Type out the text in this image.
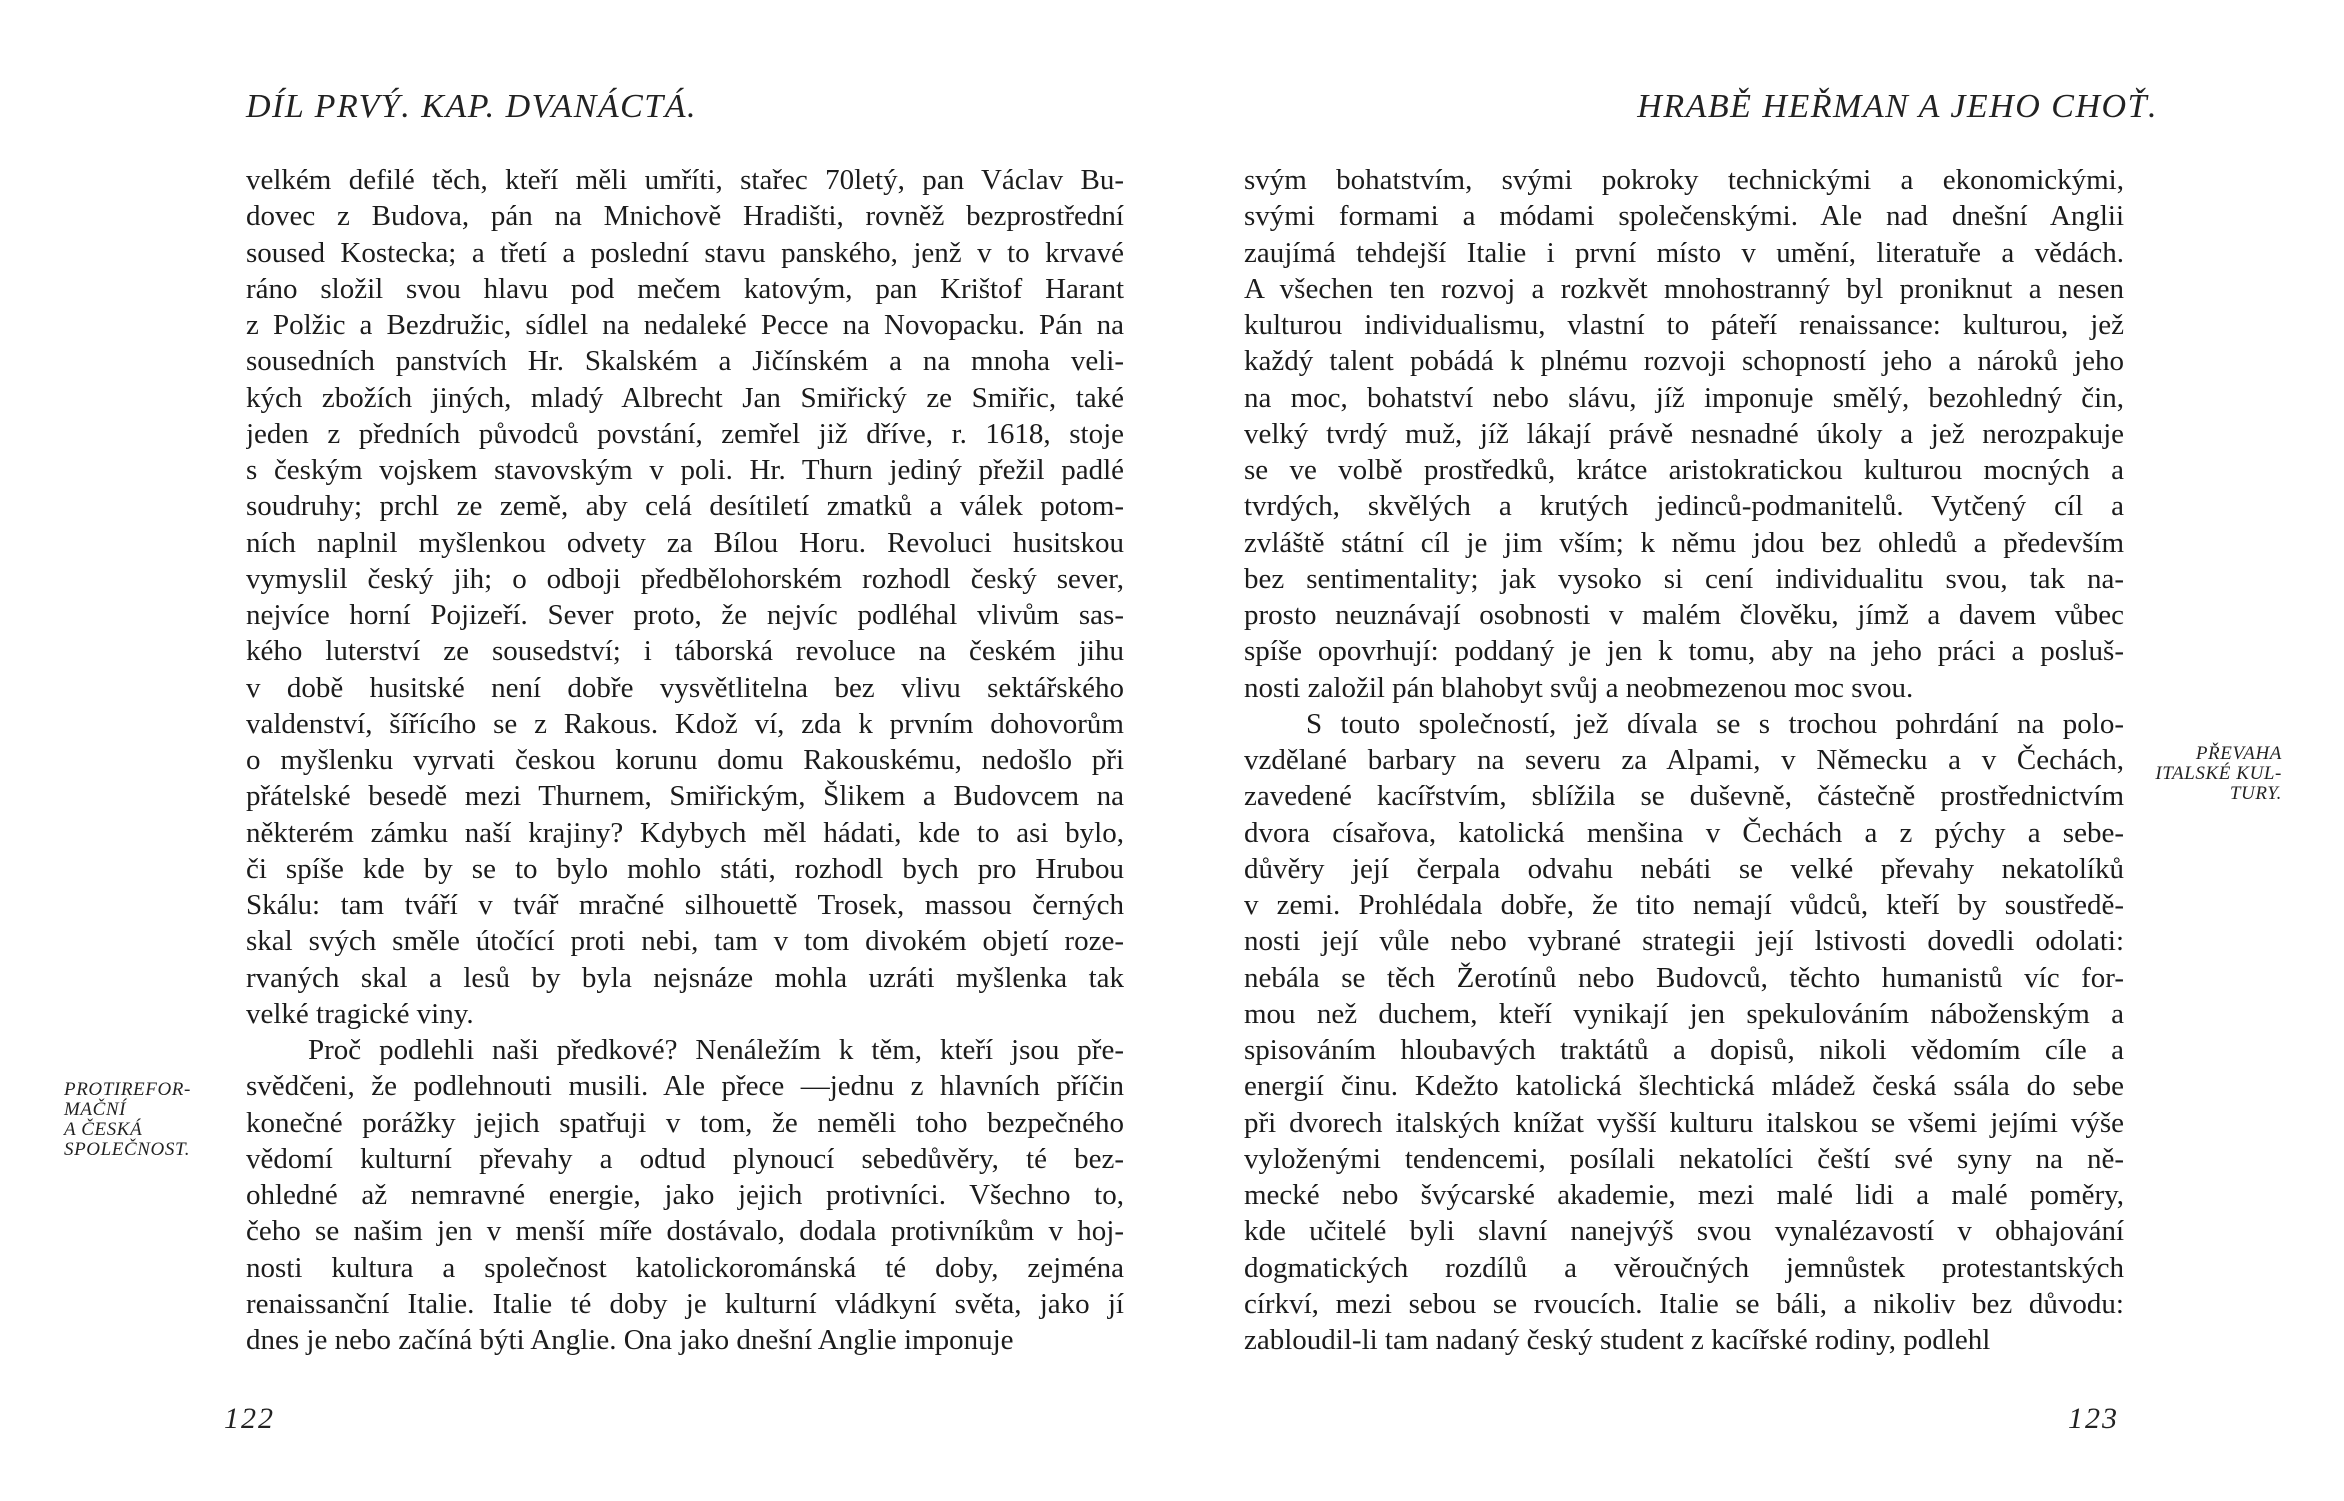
DÍL PRVÝ. KAP. DVANÁCTÁ.
velkém defilé těch, kteří měli umříti, stařec 70letý, pan Václav Bu-
dovec z Budova, pán na Mnichově Hradišti, rovněž bezprostřední
soused Kostecka; a třetí a poslední stavu panského, jenž v to krvavé
ráno složil svou hlavu pod mečem katovým, pan Krištof Harant
z Polžic a Bezdružic, sídlel na nedaleké Pecce na Novopacku. Pán na
sousedních panstvích Hr. Skalském a Jičínském a na mnoha veli-
kých zbožích jiných, mladý Albrecht Jan Smiřický ze Smiřic, také
jeden z předních původců povstání, zemřel již dříve, r. 1618, stoje
s českým vojskem stavovským v poli. Hr. Thurn jediný přežil padlé
soudruhy; prchl ze země, aby celá desítiletí zmatků a válek potom-
ních naplnil myšlenkou odvety za Bílou Horu. Revoluci husitskou
vymyslil český jih; o odboji předbělohorském rozhodl český sever,
nejvíce horní Pojizeří. Sever proto, že nejvíc podléhal vlivům sas-
kého luterství ze sousedství; i táborská revoluce na českém jihu
v době husitské není dobře vysvětlitelna bez vlivu sektářského
valdenství, šířícího se z Rakous. Kdož ví, zda k prvním dohovorům
o myšlenku vyrvati českou korunu domu Rakouskému, nedošlo při
přátelské besedě mezi Thurnem, Smiřickým, Šlikem a Budovcem na
některém zámku naší krajiny? Kdybych měl hádati, kde to asi bylo,
či spíše kde by se to bylo mohlo státi, rozhodl bych pro Hrubou
Skálu: tam tváří v tvář mračné silhouettě Trosek, massou černých
skal svých směle útočící proti nebi, tam v tom divokém objetí roze-
rvaných skal a lesů by byla nejsnáze mohla uzráti myšlenka tak
velké tragické viny.
Proč podlehli naši předkové? Nenáležím k těm, kteří jsou pře-
svědčeni, že podlehnouti musili. Ale přece —jednu z hlavních příčin
konečné porážky jejich spatřuji v tom, že neměli toho bezpečného
vědomí kulturní převahy a odtud plynoucí sebedůvěry, té bez-
ohledné až nemravné energie, jako jejich protivníci. Všechno to,
čeho se našim jen v menší míře dostávalo, dodala protivníkům v hoj-
nosti kultura a společnost katolickorománská té doby, zejména
renaissanční Italie. Italie té doby je kulturní vládkyní světa, jako jí
dnes je nebo začíná býti Anglie. Ona jako dnešní Anglie imponuje
PROTIREFOR-
MAČNÍ
A ČESKÁ
SPOLEČNOST.
122
HRABĚ HEŘMAN A JEHO CHOŤ.
svým bohatstvím, svými pokroky technickými a ekonomickými,
svými formami a módami společenskými. Ale nad dnešní Anglii
zaujímá tehdejší Italie i první místo v umění, literatuře a vědách.
A všechen ten rozvoj a rozkvět mnohostranný byl proniknut a nesen
kulturou individualismu, vlastní to páteří renaissance: kulturou, jež
každý talent pobádá k plnému rozvoji schopností jeho a nároků jeho
na moc, bohatství nebo slávu, jíž imponuje smělý, bezohledný čin,
velký tvrdý muž, jíž lákají právě nesnadné úkoly a jež nerozpakuje
se ve volbě prostředků, krátce aristokratickou kulturou mocných a
tvrdých, skvělých a krutých jedinců-podmanitelů. Vytčený cíl a
zvláště státní cíl je jim vším; k němu jdou bez ohledů a především
bez sentimentality; jak vysoko si cení individualitu svou, tak na-
prosto neuznávají osobnosti v malém člověku, jímž a davem vůbec
spíše opovrhují: poddaný je jen k tomu, aby na jeho práci a posluš-
nosti založil pán blahobyt svůj a neobmezenou moc svou.
S touto společností, jež dívala se s trochou pohrdání na polo-
vzdělané barbary na severu za Alpami, v Německu a v Čechách,
zavedené kacířstvím, sblížila se duševně, částečně prostřednictvím
dvora císařova, katolická menšina v Čechách a z pýchy a sebe-
důvěry její čerpala odvahu nebáti se velké převahy nekatolíků
v zemi. Prohlédala dobře, že tito nemají vůdců, kteří by soustředě-
nosti její vůle nebo vybrané strategii její lstivosti dovedli odolati:
nebála se těch Žerotínů nebo Budovců, těchto humanistů víc for-
mou než duchem, kteří vynikají jen spekulováním náboženským a
spisováním hloubavých traktátů a dopisů, nikoli vědomím cíle a
energií činu. Kdežto katolická šlechtická mládež česká ssála do sebe
při dvorech italských knížat vyšší kulturu italskou se všemi jejími výše
vyloženými tendencemi, posílali nekatolíci čeští své syny na ně-
mecké nebo švýcarské akademie, mezi malé lidi a malé poměry,
kde učitelé byli slavní nanejvýš svou vynalézavostí v obhajování
dogmatických rozdílů a věroučných jemnůstek protestantských
církví, mezi sebou se rvoucích. Italie se báli, a nikoliv bez důvodu:
zabloudil-li tam nadaný český student z kacířské rodiny, podlehl
PŘEVAHA
ITALSKÉ KUL-
TURY.
123
